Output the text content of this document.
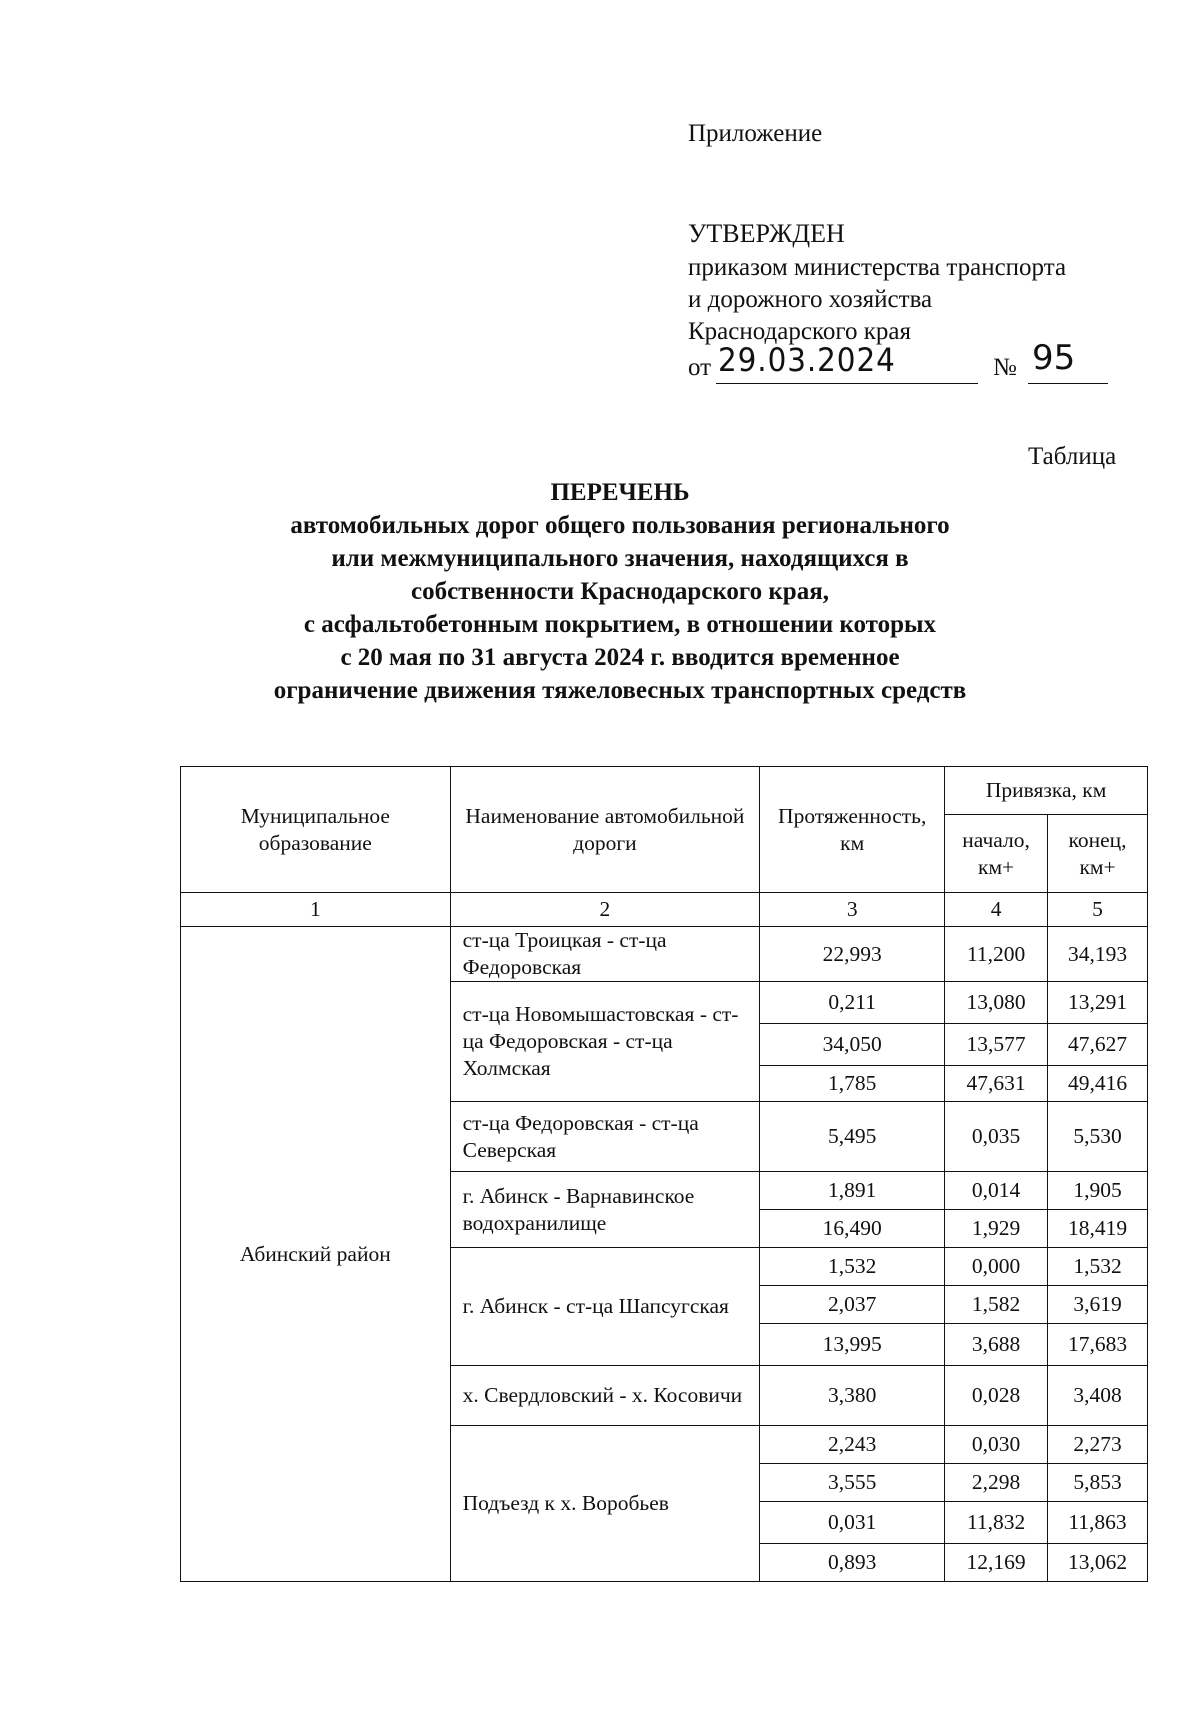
Приложение
УТВЕРЖДЕН
приказом министерства транспорта
и дорожного хозяйства
Краснодарского края
от 29.03.2024	№ 95
Таблица
ПЕРЕЧЕНЬ
автомобильных дорог общего пользования регионального
или межмуниципального значения, находящихся в
собственности Краснодарского края,
с асфальтобетонным покрытием, в отношении которых
с 20 мая по 31 августа 2024 г. вводится временное
ограничение движения тяжеловесных транспортных средств
Муниципальное образование	Наименование автомобильной дороги	Протяженность, км	Привязка, км	
			начало, км+	конец, км+
1	2	3	4	5
Абинский район	ст-ца Троицкая - ст-ца Федоровская	22,993	11,200	34,193
	ст-ца Новомышастовская - ст-ца Федоровская - ст-ца Холмская	0,211	13,080	13,291
		34,050	13,577	47,627
		1,785	47,631	49,416
	ст-ца Федоровская - ст-ца Северская	5,495	0,035	5,530
	г. Абинск - Варнавинское водохранилище	1,891	0,014	1,905
		16,490	1,929	18,419
	г. Абинск - ст-ца Шапсугская	1,532	0,000	1,532
		2,037	1,582	3,619
		13,995	3,688	17,683
	х. Свердловский - х. Косовичи	3,380	0,028	3,408
	Подъезд к х. Воробьев	2,243	0,030	2,273
		3,555	2,298	5,853
		0,031	11,832	11,863
		0,893	12,169	13,062
